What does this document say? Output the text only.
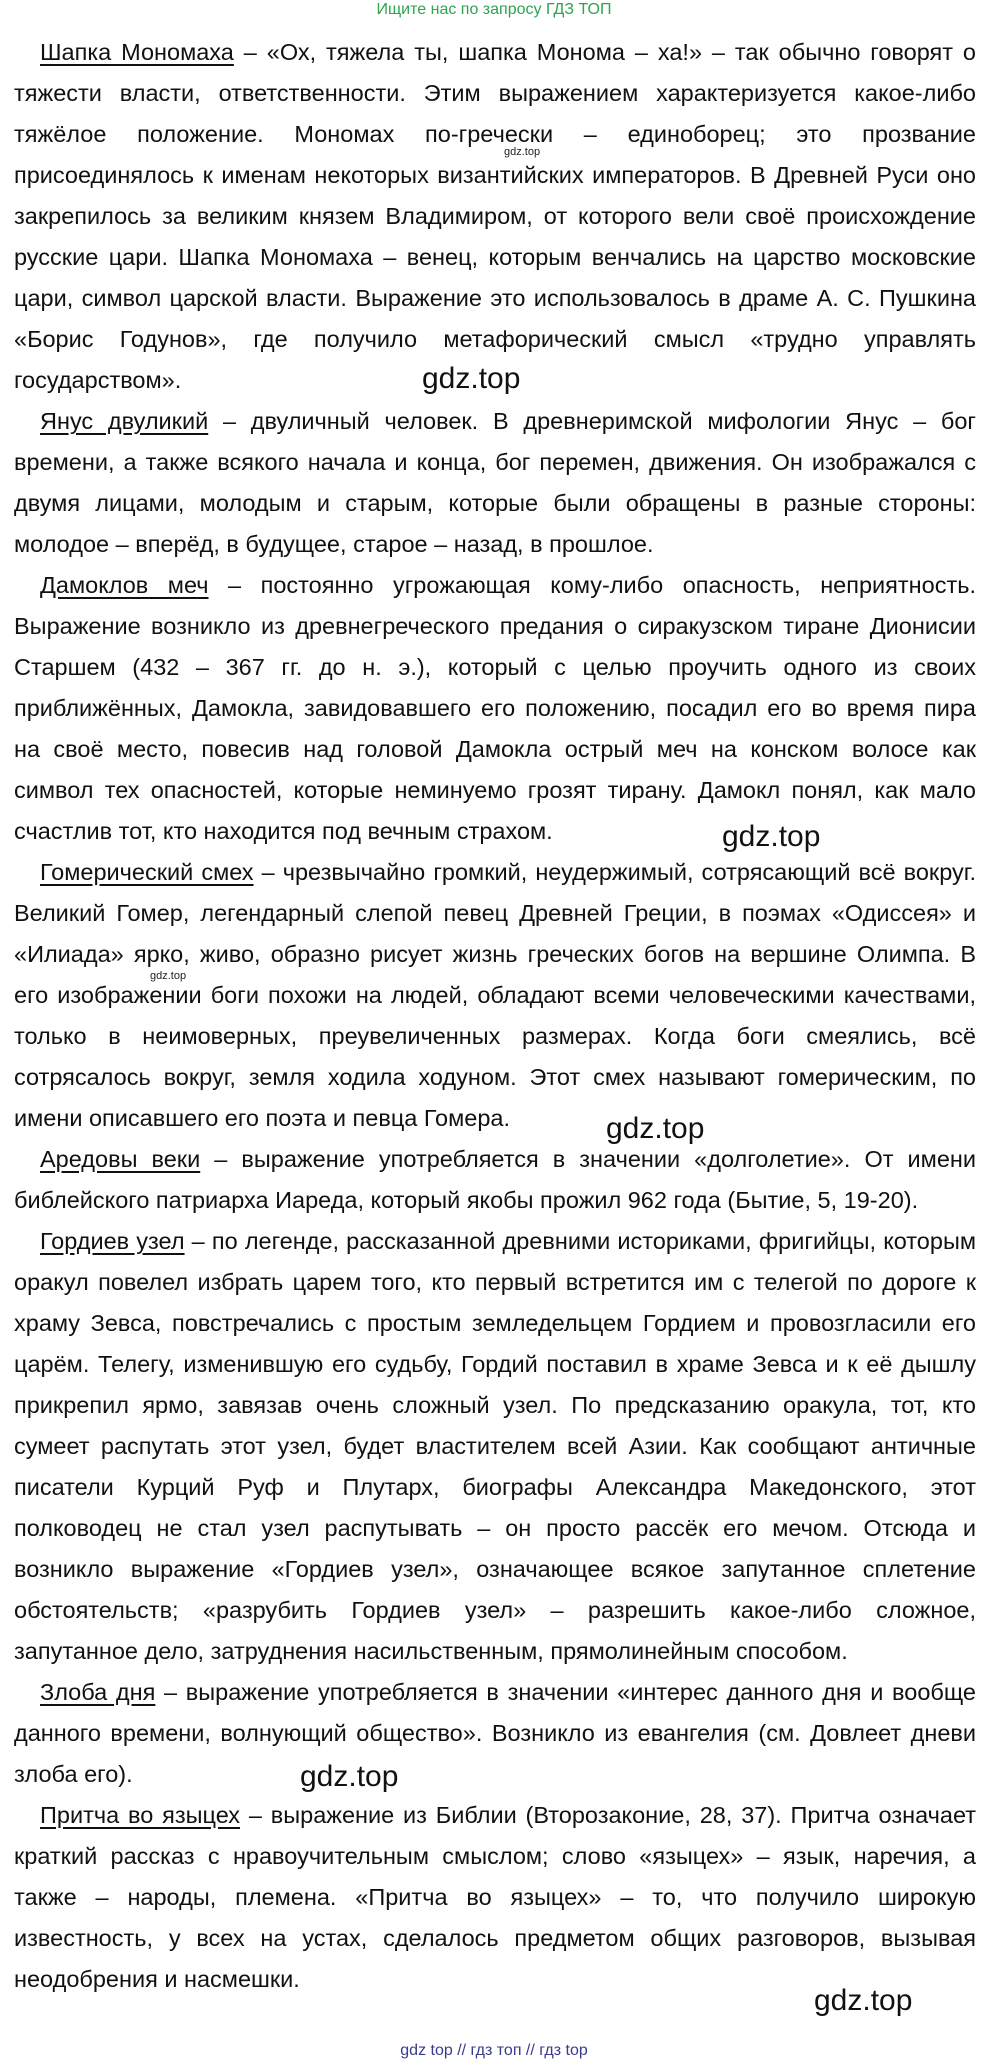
Ищите нас по запросу ГДЗ ТОП

Шапка Мономаха – «Ох, тяжела ты, шапка Монома – ха!» – так обычно говорят о тяжести власти, ответственности. Этим выражением характеризуется какое-либо тяжёлое положение. Мономах по-гречески – единоборец; это прозвание присоединялось к именам некоторых византийских императоров. В Древней Руси оно закрепилось за великим князем Владимиром, от которого вели своё происхождение русские цари. Шапка Мономаха – венец, которым венчались на царство московские цари, символ царской власти. Выражение это использовалось в драме А. С. Пушкина «Борис Годунов», где получило метафорический смысл «трудно управлять государством».

Янус двуликий – двуличный человек. В древнеримской мифологии Янус – бог времени, а также всякого начала и конца, бог перемен, движения. Он изображался с двумя лицами, молодым и старым, которые были обращены в разные стороны: молодое – вперёд, в будущее, старое – назад, в прошлое.

Дамоклов меч – постоянно угрожающая кому-либо опасность, неприятность. Выражение возникло из древнегреческого предания о сиракузском тиране Дионисии Старшем (432 – 367 гг. до н. э.), который с целью проучить одного из своих приближённых, Дамокла, завидовавшего его положению, посадил его во время пира на своё место, повесив над головой Дамокла острый меч на конском волосе как символ тех опасностей, которые неминуемо грозят тирану. Дамокл понял, как мало счастлив тот, кто находится под вечным страхом.

Гомерический смех – чрезвычайно громкий, неудержимый, сотрясающий всё вокруг. Великий Гомер, легендарный слепой певец Древней Греции, в поэмах «Одиссея» и «Илиада» ярко, живо, образно рисует жизнь греческих богов на вершине Олимпа. В его изображении боги похожи на людей, обладают всеми человеческими качествами, только в неимоверных, преувеличенных размерах. Когда боги смеялись, всё сотрясалось вокруг, земля ходила ходуном. Этот смех называют гомерическим, по имени описавшего его поэта и певца Гомера.

Аредовы веки – выражение употребляется в значении «долголетие». От имени библейского патриарха Иареда, который якобы прожил 962 года (Бытие, 5, 19-20).

Гордиев узел – по легенде, рассказанной древними историками, фригийцы, которым оракул повелел избрать царем того, кто первый встретится им с телегой по дороге к храму Зевса, повстречались с простым земледельцем Гордием и провозгласили его царём. Телегу, изменившую его судьбу, Гордий поставил в храме Зевса и к её дышлу прикрепил ярмо, завязав очень сложный узел. По предсказанию оракула, тот, кто сумеет распутать этот узел, будет властителем всей Азии. Как сообщают античные писатели Курций Руф и Плутарх, биографы Александра Македонского, этот полководец не стал узел распутывать – он просто рассёк его мечом. Отсюда и возникло выражение «Гордиев узел», означающее всякое запутанное сплетение обстоятельств; «разрубить Гордиев узел» – разрешить какое-либо сложное, запутанное дело, затруднения насильственным, прямолинейным способом.

Злоба дня – выражение употребляется в значении «интерес данного дня и вообще данного времени, волнующий общество». Возникло из евангелия (см. Довлеет дневи злоба его).

Притча во языцех – выражение из Библии (Второзаконие, 28, 37). Притча означает краткий рассказ с нравоучительным смыслом; слово «языцех» – язык, наречия, а также – народы, племена. «Притча во языцех» – то, что получило широкую известность, у всех на устах, сделалось предметом общих разговоров, вызывая неодобрения и насмешки.

gdz.top
gdz.top
gdz.top
gdz.top
gdz.top
gdz.top
gdz.top
gdz top // гдз топ // гдз top
